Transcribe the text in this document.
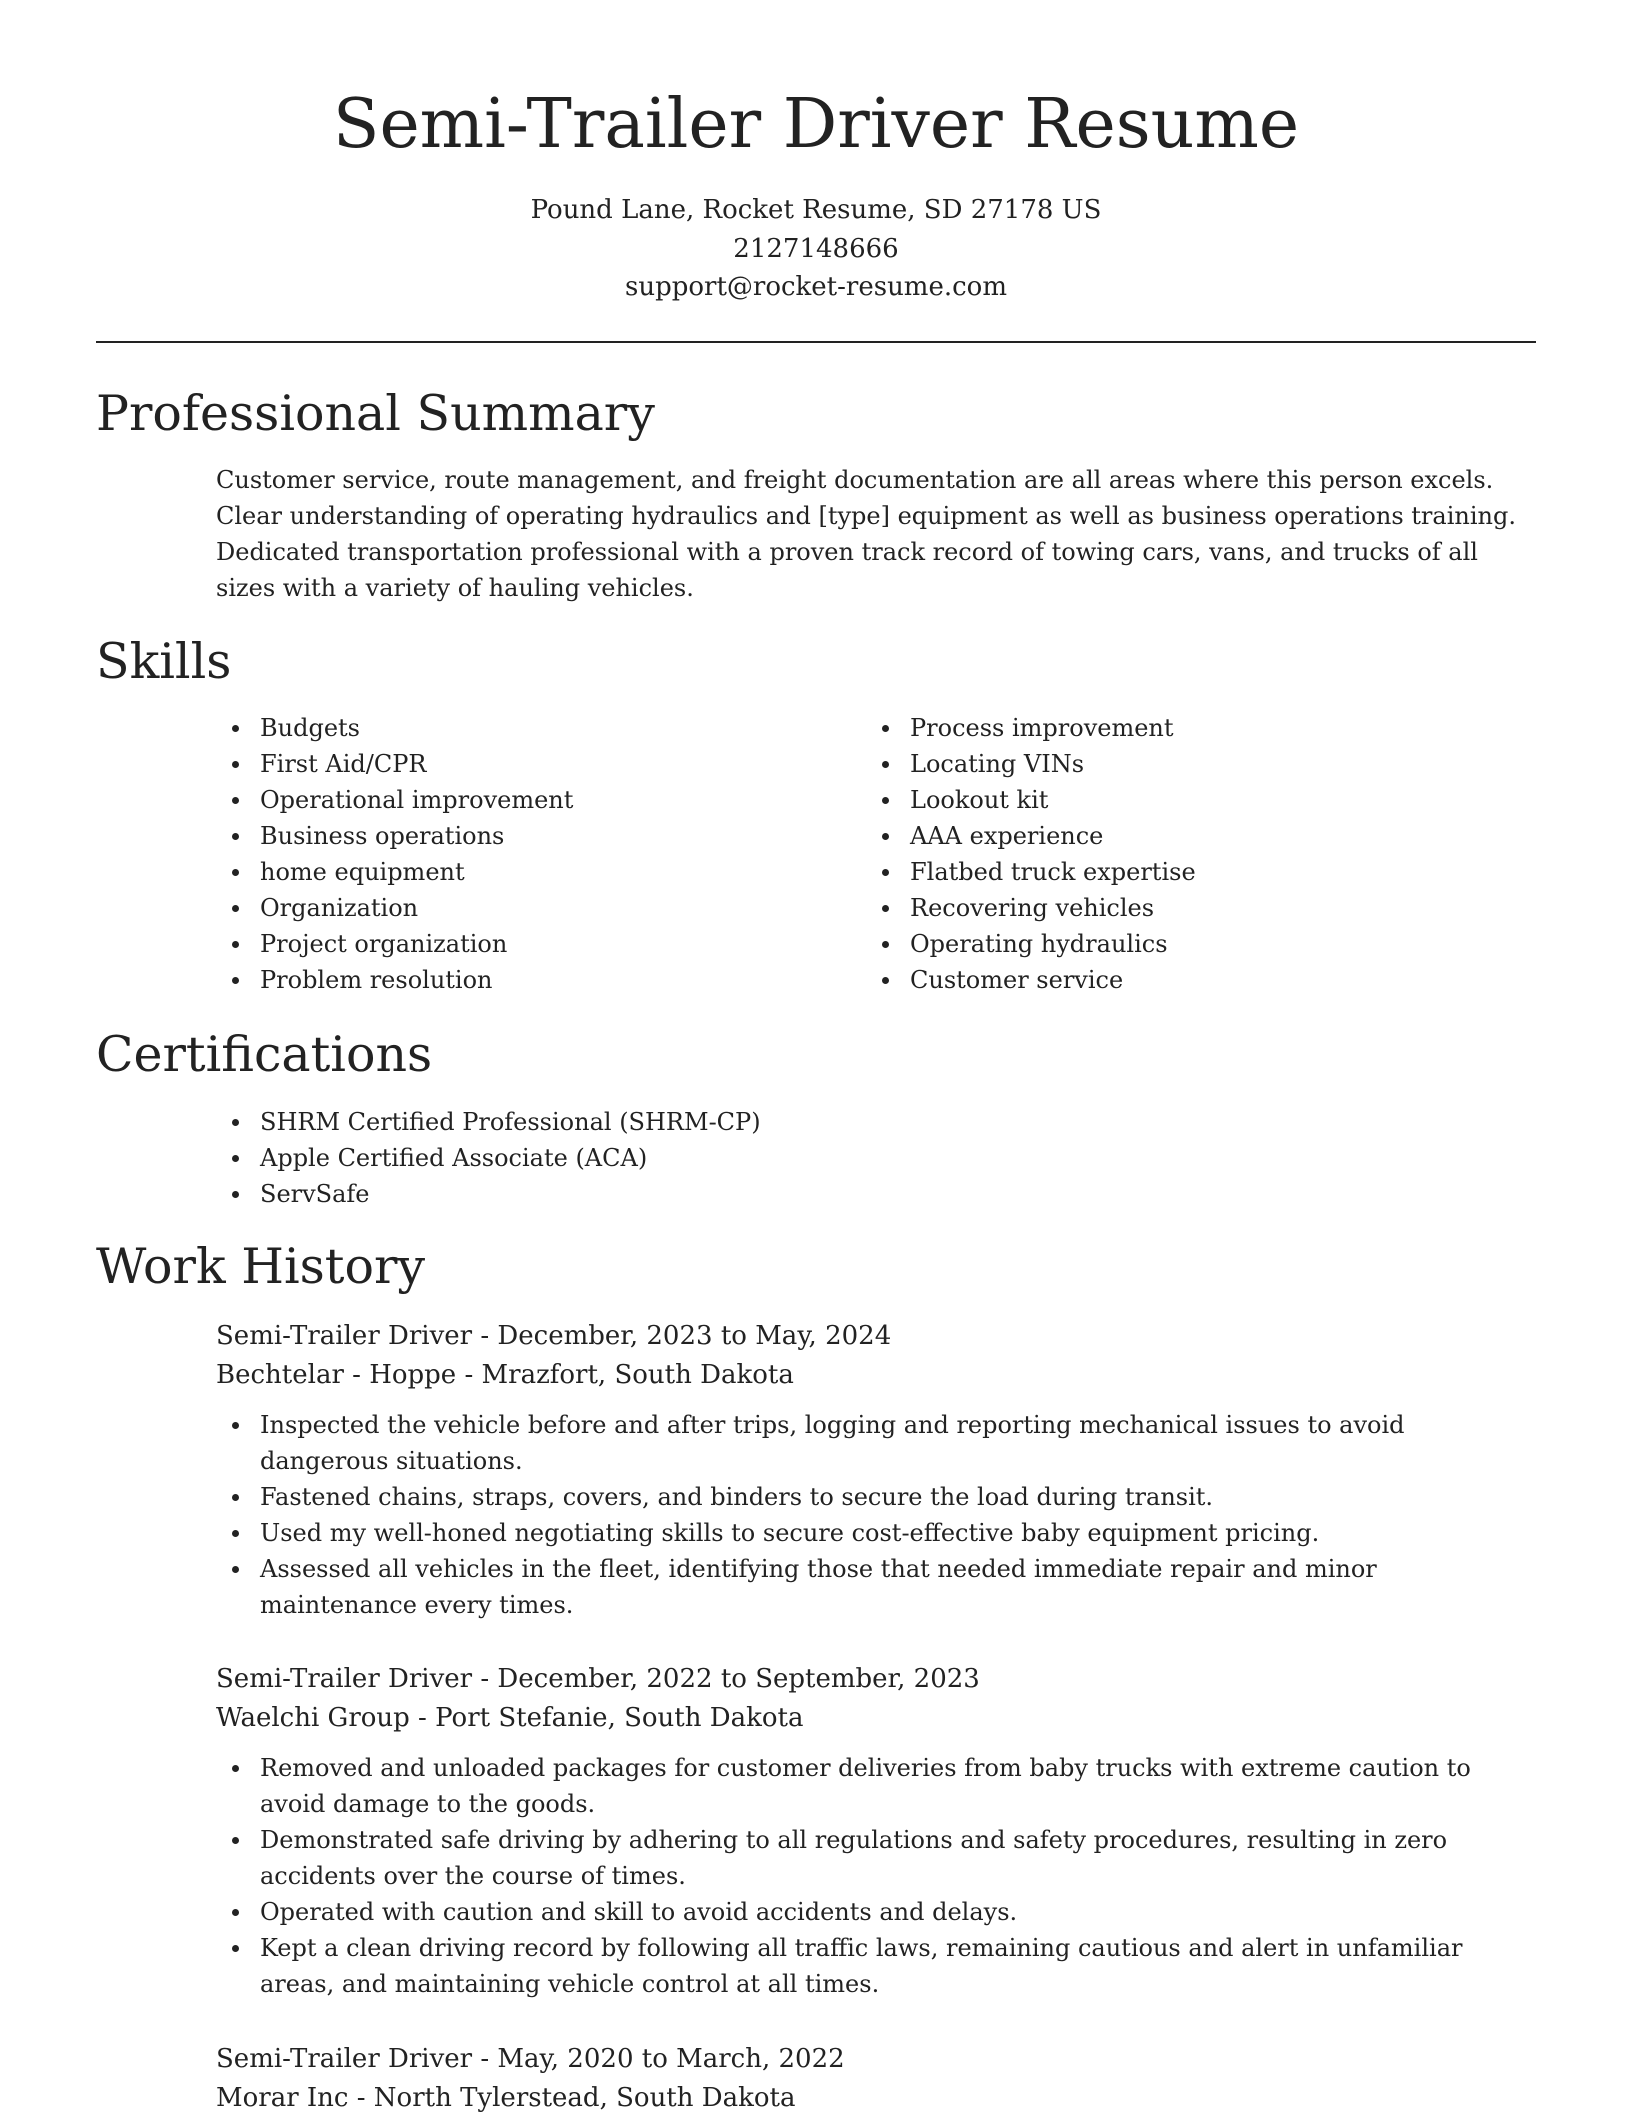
Semi-Trailer Driver Resume
Pound Lane, Rocket Resume, SD 27178 US
2127148666
support@rocket-resume.com
Professional Summary

Customer service, route management, and freight documentation are all areas where this person excels. Clear understanding of operating hydraulics and [type] equipment as well as business operations training. Dedicated transportation professional with a proven track record of towing cars, vans, and trucks of all sizes with a variety of hauling vehicles.

Skills
Budgets
First Aid/CPR
Operational improvement
Business operations
home equipment
Organization
Project organization
Problem resolution
Process improvement
Locating VINs
Lookout kit
AAA experience
Flatbed truck expertise
Recovering vehicles
Operating hydraulics
Customer service
Certifications
SHRM Certified Professional (SHRM-CP)
Apple Certified Associate (ACA)
ServSafe
Work History
Semi-Trailer Driver - December, 2023 to May, 2024
Bechtelar - Hoppe - Mrazfort, South Dakota
Inspected the vehicle before and after trips, logging and reporting mechanical issues to avoid dangerous situations.
Fastened chains, straps, covers, and binders to secure the load during transit.
Used my well-honed negotiating skills to secure cost-effective baby equipment pricing.
Assessed all vehicles in the fleet, identifying those that needed immediate repair and minor maintenance every times.
Semi-Trailer Driver - December, 2022 to September, 2023
Waelchi Group - Port Stefanie, South Dakota
Removed and unloaded packages for customer deliveries from baby trucks with extreme caution to avoid damage to the goods.
Demonstrated safe driving by adhering to all regulations and safety procedures, resulting in zero accidents over the course of times.
Operated with caution and skill to avoid accidents and delays.
Kept a clean driving record by following all traffic laws, remaining cautious and alert in unfamiliar areas, and maintaining vehicle control at all times.
Semi-Trailer Driver - May, 2020 to March, 2022
Morar Inc - North Tylerstead, South Dakota
